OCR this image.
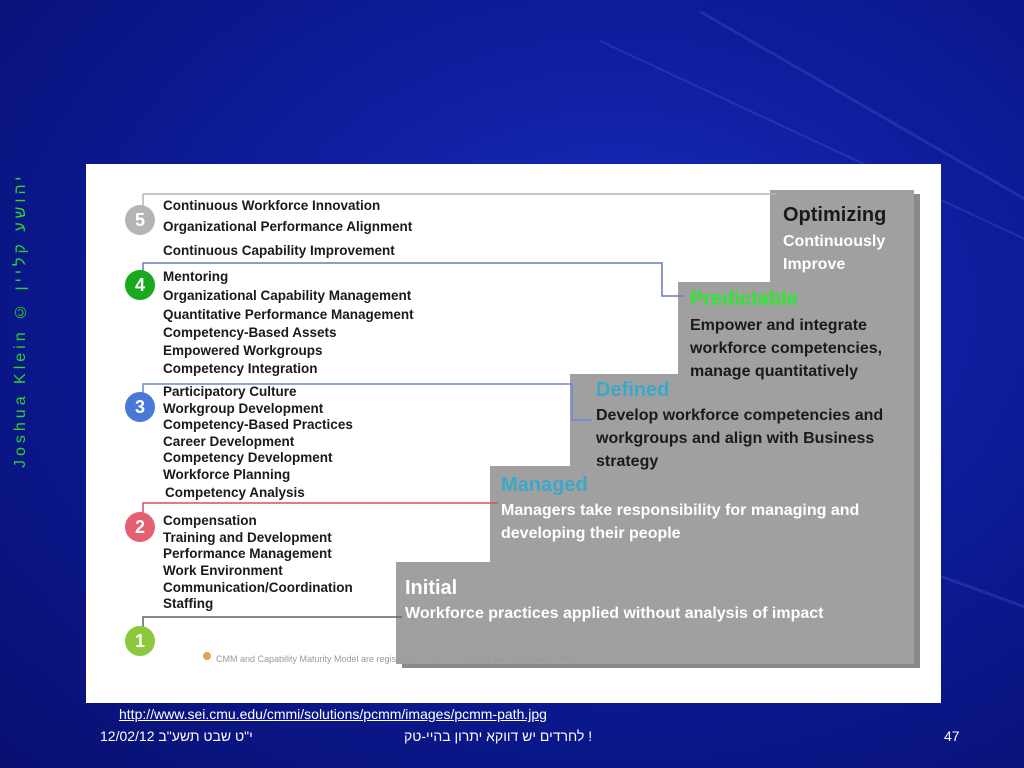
Joshua Klein © יהושע קליין	5
4
3
2
1
Continuous Workforce Innovation
Organizational Performance Alignment
Continuous Capability Improvement
Mentoring
Organizational Capability Management
Quantitative Performance Management
Competency-Based Assets
Empowered Workgroups
Competency Integration
Participatory Culture
Workgroup Development
Competency-Based Practices
Career Development
Competency Development
Workforce Planning
Competency Analysis
Compensation
Training and Development
Performance Management
Work Environment
Communication/Coordination
Staffing
Optimizing
Continuously Improve
Predictable
Empower and integrate workforce competencies, manage quantitatively
Defined
Develop workforce competencies and workgroups and align with Business strategy
Managed
Managers take responsibility for managing and developing their people
Initial
Workforce practices applied without analysis of impact
CMM and Capability Maturity Model are registered in the U.S. Patent and Trademark Office.
http://www.sei.cmu.edu/cmmi/solutions/pcmm/images/pcmm-path.jpg
12/02/12 י"ט שבט תשע"ב	לחרדים יש דווקא יתרון בהיי-טק !	47
